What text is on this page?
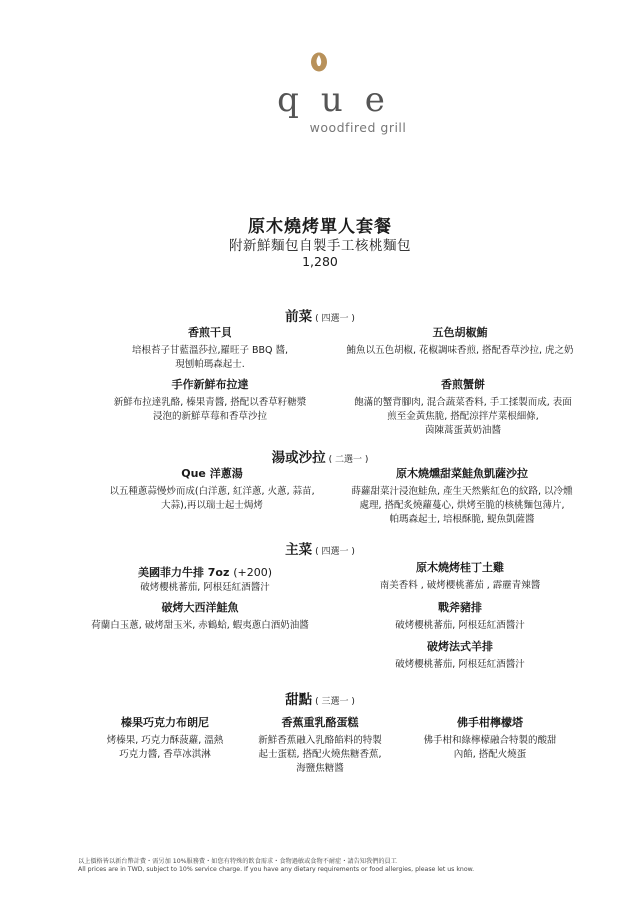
que
woodfired grill
原木燒烤單人套餐
附新鮮麵包自製手工核桃麵包
1,280
前菜 ( 四選一 )
香煎干貝
培根苔子甘藍溫莎拉,羅旺子 BBQ 醬,
現刨帕瑪森起士.
五色胡椒鮪
鮪魚以五色胡椒, 花椒調味香煎, 搭配香草沙拉, 虎之奶
手作新鮮布拉達
新鮮布拉達乳酪, 榛果青醬, 搭配以香草籽糖漿
浸泡的新鮮草莓和香草沙拉
香煎蟹餅
飽滿的蟹背腳肉, 混合蔬菜香料, 手工揉製而成, 表面
煎至金黃焦脆, 搭配涼拌芹菜根細條,
茵陳蒿蛋黃奶油醬
湯或沙拉 ( 二選一 )
Que 洋蔥湯
以五種蔥蒜慢炒而成(白洋蔥, 紅洋蔥, 火蔥, 蒜苗,
大蒜),再以瑞士起士焗烤
原木燒燻甜菜鮭魚凱薩沙拉
蒔蘿甜菜汁浸泡鮭魚, 產生天然紫紅色的紋路, 以冷燻
處理, 搭配炙燒蘿蔓心, 烘烤至脆的核桃麵包薄片,
帕瑪森起士, 培根酥脆, 鯷魚凱薩醬
主菜 ( 四選一 )
美國菲力牛排 7oz (+200)
破烤櫻桃蕃茄, 阿根廷紅酒醬汁
原木燒烤桂丁土雞
南美香料 , 破烤櫻桃蕃茄 , 霹靂青辣醬
破烤大西洋鮭魚
荷蘭白玉蔥, 破烤甜玉米, 赤鶴蛤, 蝦夷蔥白酒奶油醬
戰斧豬排
破烤櫻桃蕃茄, 阿根廷紅酒醬汁
破烤法式羊排
破烤櫻桃蕃茄, 阿根廷紅酒醬汁
甜點 ( 三選一 )
榛果巧克力布朗尼
烤榛果, 巧克力酥菠蘿, 溫熱
巧克力醬, 香草冰淇淋
香蕉重乳酪蛋糕
新鮮香蕉融入乳酪餡料的特製
起士蛋糕, 搭配火燒焦糖香蕉,
海鹽焦糖醬
佛手柑檸檬塔
佛手柑和綠檸檬融合特製的酸甜
內餡, 搭配火燒蛋
以上價格皆以新台幣計費・需另加 10%服務費・如您有特殊的飲食需求・食物過敏或食物不耐症・請告知我們的員工
All prices are in TWD, subject to 10% service charge. If you have any dietary requirements or food allergies, please let us know.
